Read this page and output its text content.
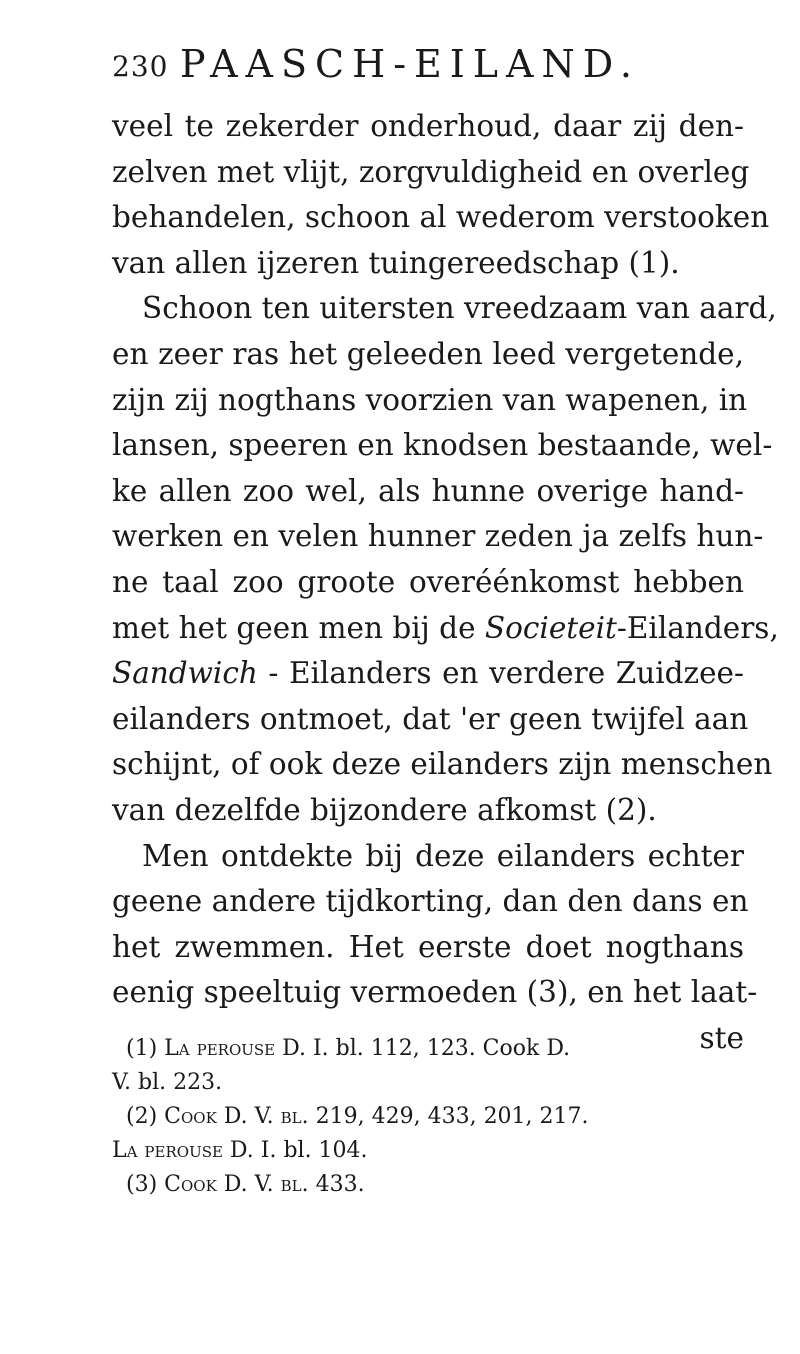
230 PAASCH-EILAND.
veel te zekerder onderhoud, daar zij den-
zelven met vlijt, zorgvuldigheid en overleg
behandelen, schoon al wederom verstooken
van allen ijzeren tuingereedschap (1).
Schoon ten uitersten vreedzaam van aard,
en zeer ras het geleeden leed vergetende,
zijn zij nogthans voorzien van wapenen, in
lansen, speeren en knodsen bestaande, wel-
ke allen zoo wel, als hunne overige hand-
werken en velen hunner zeden ja zelfs hun-
ne taal zoo groote overéénkomst hebben
met het geen men bij de Societeit-Eilanders,
Sandwich - Eilanders en verdere Zuidzee-
eilanders ontmoet, dat 'er geen twijfel aan
schijnt, of ook deze eilanders zijn menschen
van dezelfde bijzondere afkomst (2).
Men ontdekte bij deze eilanders echter
geene andere tijdkorting, dan den dans en
het zwemmen. Het eerste doet nogthans
eenig speeltuig vermoeden (3), en het laat-
ste
(1) La perouse D. I. bl. 112, 123. Cook D.
V. bl. 223.
(2) Cook D. V. bl. 219, 429, 433, 201, 217.
La perouse D. I. bl. 104.
(3) Cook D. V. bl. 433.
